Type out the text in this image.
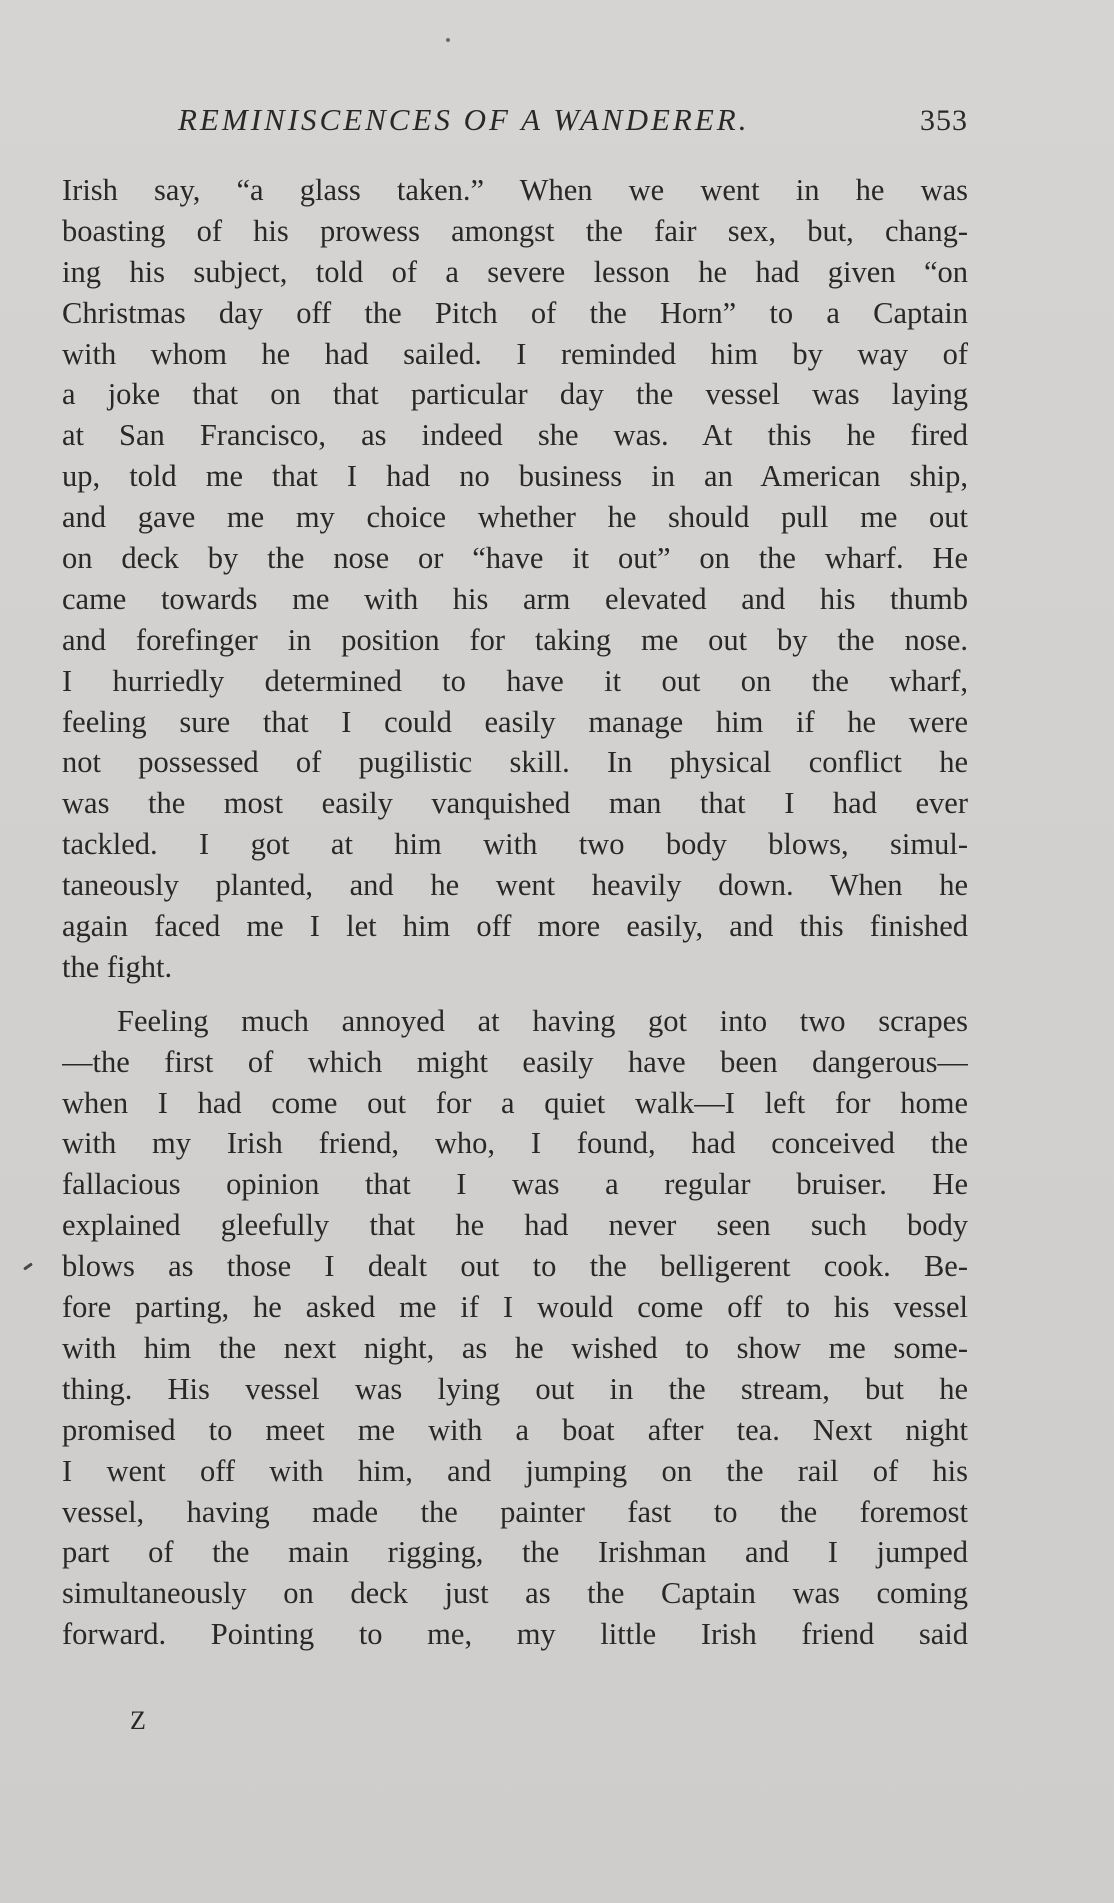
REMINISCENCES OF A WANDERER.	353
Irish say, “a glass taken.” When we went in he was
boasting of his prowess amongst the fair sex, but, chang-
ing his subject, told of a severe lesson he had given “on
Christmas day off the Pitch of the Horn” to a Captain
with whom he had sailed. I reminded him by way of
a joke that on that particular day the vessel was laying
at San Francisco, as indeed she was. At this he fired
up, told me that I had no business in an American ship,
and gave me my choice whether he should pull me out
on deck by the nose or “have it out” on the wharf. He
came towards me with his arm elevated and his thumb
and forefinger in position for taking me out by the nose.
I hurriedly determined to have it out on the wharf,
feeling sure that I could easily manage him if he were
not possessed of pugilistic skill. In physical conflict he
was the most easily vanquished man that I had ever
tackled. I got at him with two body blows, simul-
taneously planted, and he went heavily down. When he
again faced me I let him off more easily, and this finished
the fight.
Feeling much annoyed at having got into two scrapes
—the first of which might easily have been dangerous—
when I had come out for a quiet walk—I left for home
with my Irish friend, who, I found, had conceived the
fallacious opinion that I was a regular bruiser. He
explained gleefully that he had never seen such body
blows as those I dealt out to the belligerent cook. Be-
fore parting, he asked me if I would come off to his vessel
with him the next night, as he wished to show me some-
thing. His vessel was lying out in the stream, but he
promised to meet me with a boat after tea. Next night
I went off with him, and jumping on the rail of his
vessel, having made the painter fast to the foremost
part of the main rigging, the Irishman and I jumped
simultaneously on deck just as the Captain was coming
forward. Pointing to me, my little Irish friend said
Z
